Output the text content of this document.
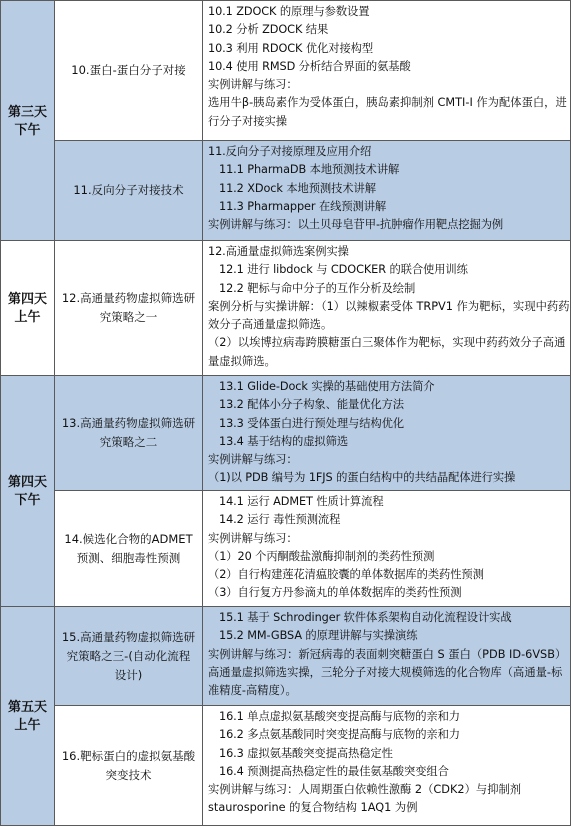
第三天
下午
10.蛋白-蛋白分子对接
10.1 ZDOCK 的原理与参数设置
10.2 分析 ZDOCK 结果
10.3 利用 RDOCK 优化对接构型
10.4 使用 RMSD 分析结合界面的氨基酸
实例讲解与练习：
选用牛β-胰岛素作为受体蛋白，胰岛素抑制剂 CMTI-I 作为配体蛋白，进行分子对接实操
11.反向分子对接技术
11.反向分子对接原理及应用介绍
11.1 PharmaDB 本地预测技术讲解
11.2 XDock 本地预测技术讲解
11.3 Pharmapper 在线预测讲解
实例讲解与练习：以土贝母皂苷甲-抗肿瘤作用靶点挖掘为例
第四天
上午
12.高通量药物虚拟筛选研究策略之一
12.高通量虚拟筛选案例实操
12.1 进行 libdock 与 CDOCKER 的联合使用训练
12.2 靶标与命中分子的互作分析及绘制
案例分析与实操讲解：（1）以辣椒素受体 TRPV1 作为靶标，实现中药药效分子高通量虚拟筛选。
（2）以埃博拉病毒跨膜糖蛋白三聚体作为靶标，实现中药药效分子高通量虚拟筛选。
第四天
下午
13.高通量药物虚拟筛选研究策略之二
13.1 Glide-Dock 实操的基础使用方法简介
13.2 配体小分子构象、能量优化方法
13.3 受体蛋白进行预处理与结构优化
13.4 基于结构的虚拟筛选
实例讲解与练习：
（1)以 PDB 编号为 1FJS 的蛋白结构中的共结晶配体进行实操
14.候选化合物的ADMET预测、细胞毒性预测
14.1 运行 ADMET 性质计算流程
14.2 运行 毒性预测流程
实例讲解与练习：
（1）20 个丙酮酸盐激酶抑制剂的类药性预测
（2）自行构建莲花清瘟胶囊的单体数据库的类药性预测
（3）自行复方丹参滴丸的单体数据库的类药性预测
第五天
上午
15.高通量药物虚拟筛选研究策略之三-(自动化流程设计)
15.1 基于 Schrodinger 软件体系架构自动化流程设计实战
15.2 MM-GBSA 的原理讲解与实操演练
实例讲解与练习：新冠病毒的表面刺突糖蛋白 S 蛋白（PDB ID-6VSB）高通量虚拟筛选实操，三轮分子对接大规模筛选的化合物库（高通量-标准精度-高精度）。
16.靶标蛋白的虚拟氨基酸突变技术
16.1 单点虚拟氨基酸突变提高酶与底物的亲和力
16.2 多点氨基酸同时突变提高酶与底物的亲和力
16.3 虚拟氨基酸突变提高热稳定性
16.4 预测提高热稳定性的最佳氨基酸突变组合
实例讲解与练习：人周期蛋白依赖性激酶 2（CDK2）与抑制剂 staurosporine 的复合物结构 1AQ1 为例
